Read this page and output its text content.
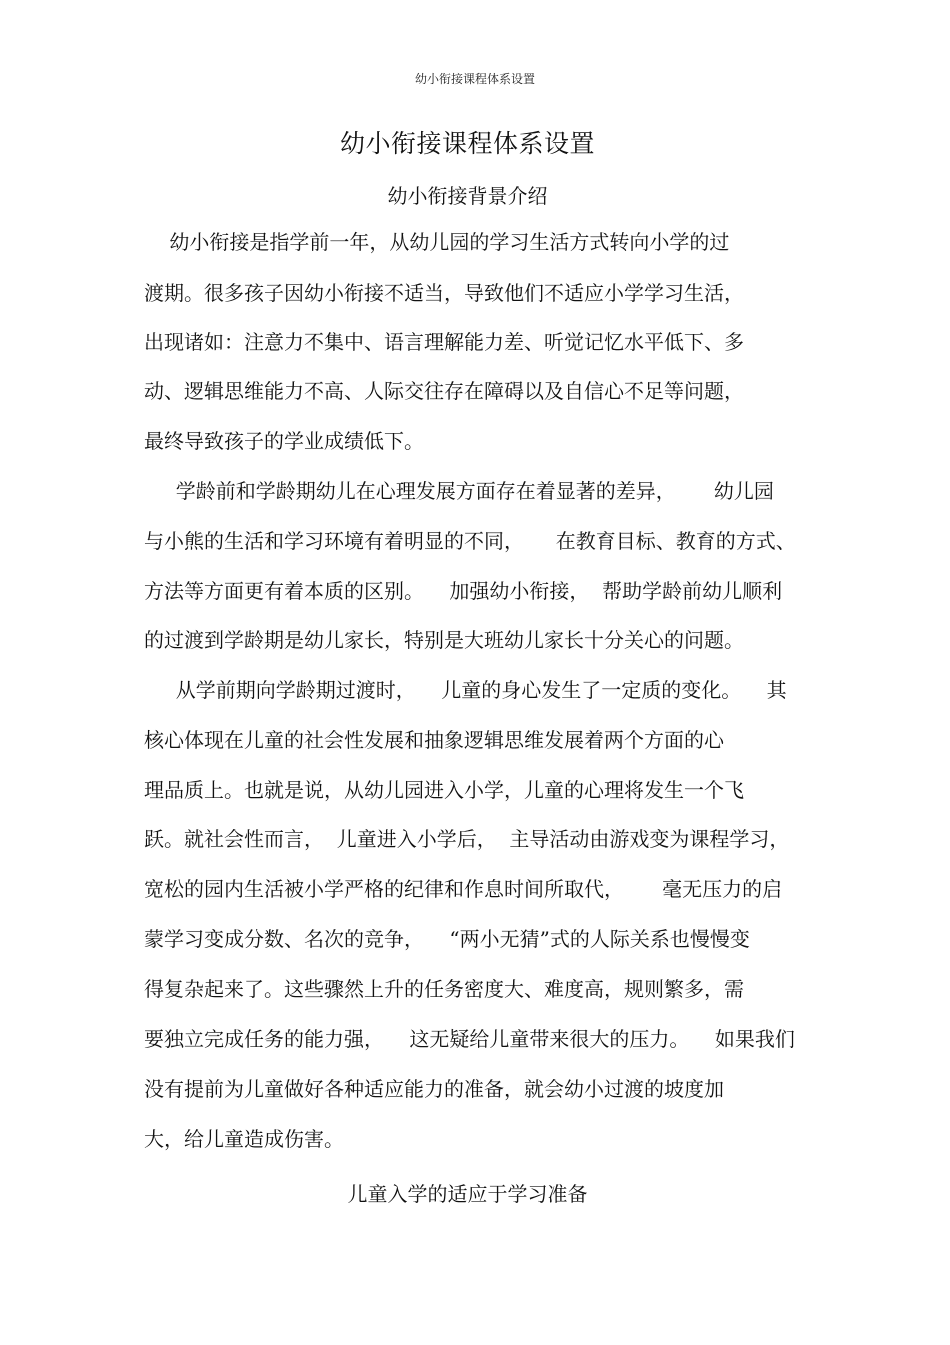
幼小衔接课程体系设置
幼小衔接课程体系设置
幼小衔接背景介绍
幼小衔接是指学前一年，从幼儿园的学习生活方式转向小学的过
渡期。很多孩子因幼小衔接不适当，导致他们不适应小学学习生活，
出现诸如：注意力不集中、语言理解能力差、听觉记忆水平低下、多
动、逻辑思维能力不高、人际交往存在障碍以及自信心不足等问题，
最终导致孩子的学业成绩低下。
学龄前和学龄期幼儿在心理发展方面存在着显著的差异，      幼儿园
与小熊的生活和学习环境有着明显的不同，     在教育目标、教育的方式、
方法等方面更有着本质的区别。    加强幼小衔接，  帮助学龄前幼儿顺利
的过渡到学龄期是幼儿家长，特别是大班幼儿家长十分关心的问题。
从学前期向学龄期过渡时，    儿童的身心发生了一定质的变化。    其
核心体现在儿童的社会性发展和抽象逻辑思维发展着两个方面的心
理品质上。也就是说，从幼儿园进入小学，儿童的心理将发生一个飞
跃。就社会性而言，  儿童进入小学后，  主导活动由游戏变为课程学习，
宽松的园内生活被小学严格的纪律和作息时间所取代，      毫无压力的启
蒙学习变成分数、名次的竞争，    “两小无猜”式的人际关系也慢慢变
得复杂起来了。这些骤然上升的任务密度大、难度高，规则繁多，需
要独立完成任务的能力强，    这无疑给儿童带来很大的压力。    如果我们
没有提前为儿童做好各种适应能力的准备，就会幼小过渡的坡度加
大，给儿童造成伤害。
儿童入学的适应于学习准备
